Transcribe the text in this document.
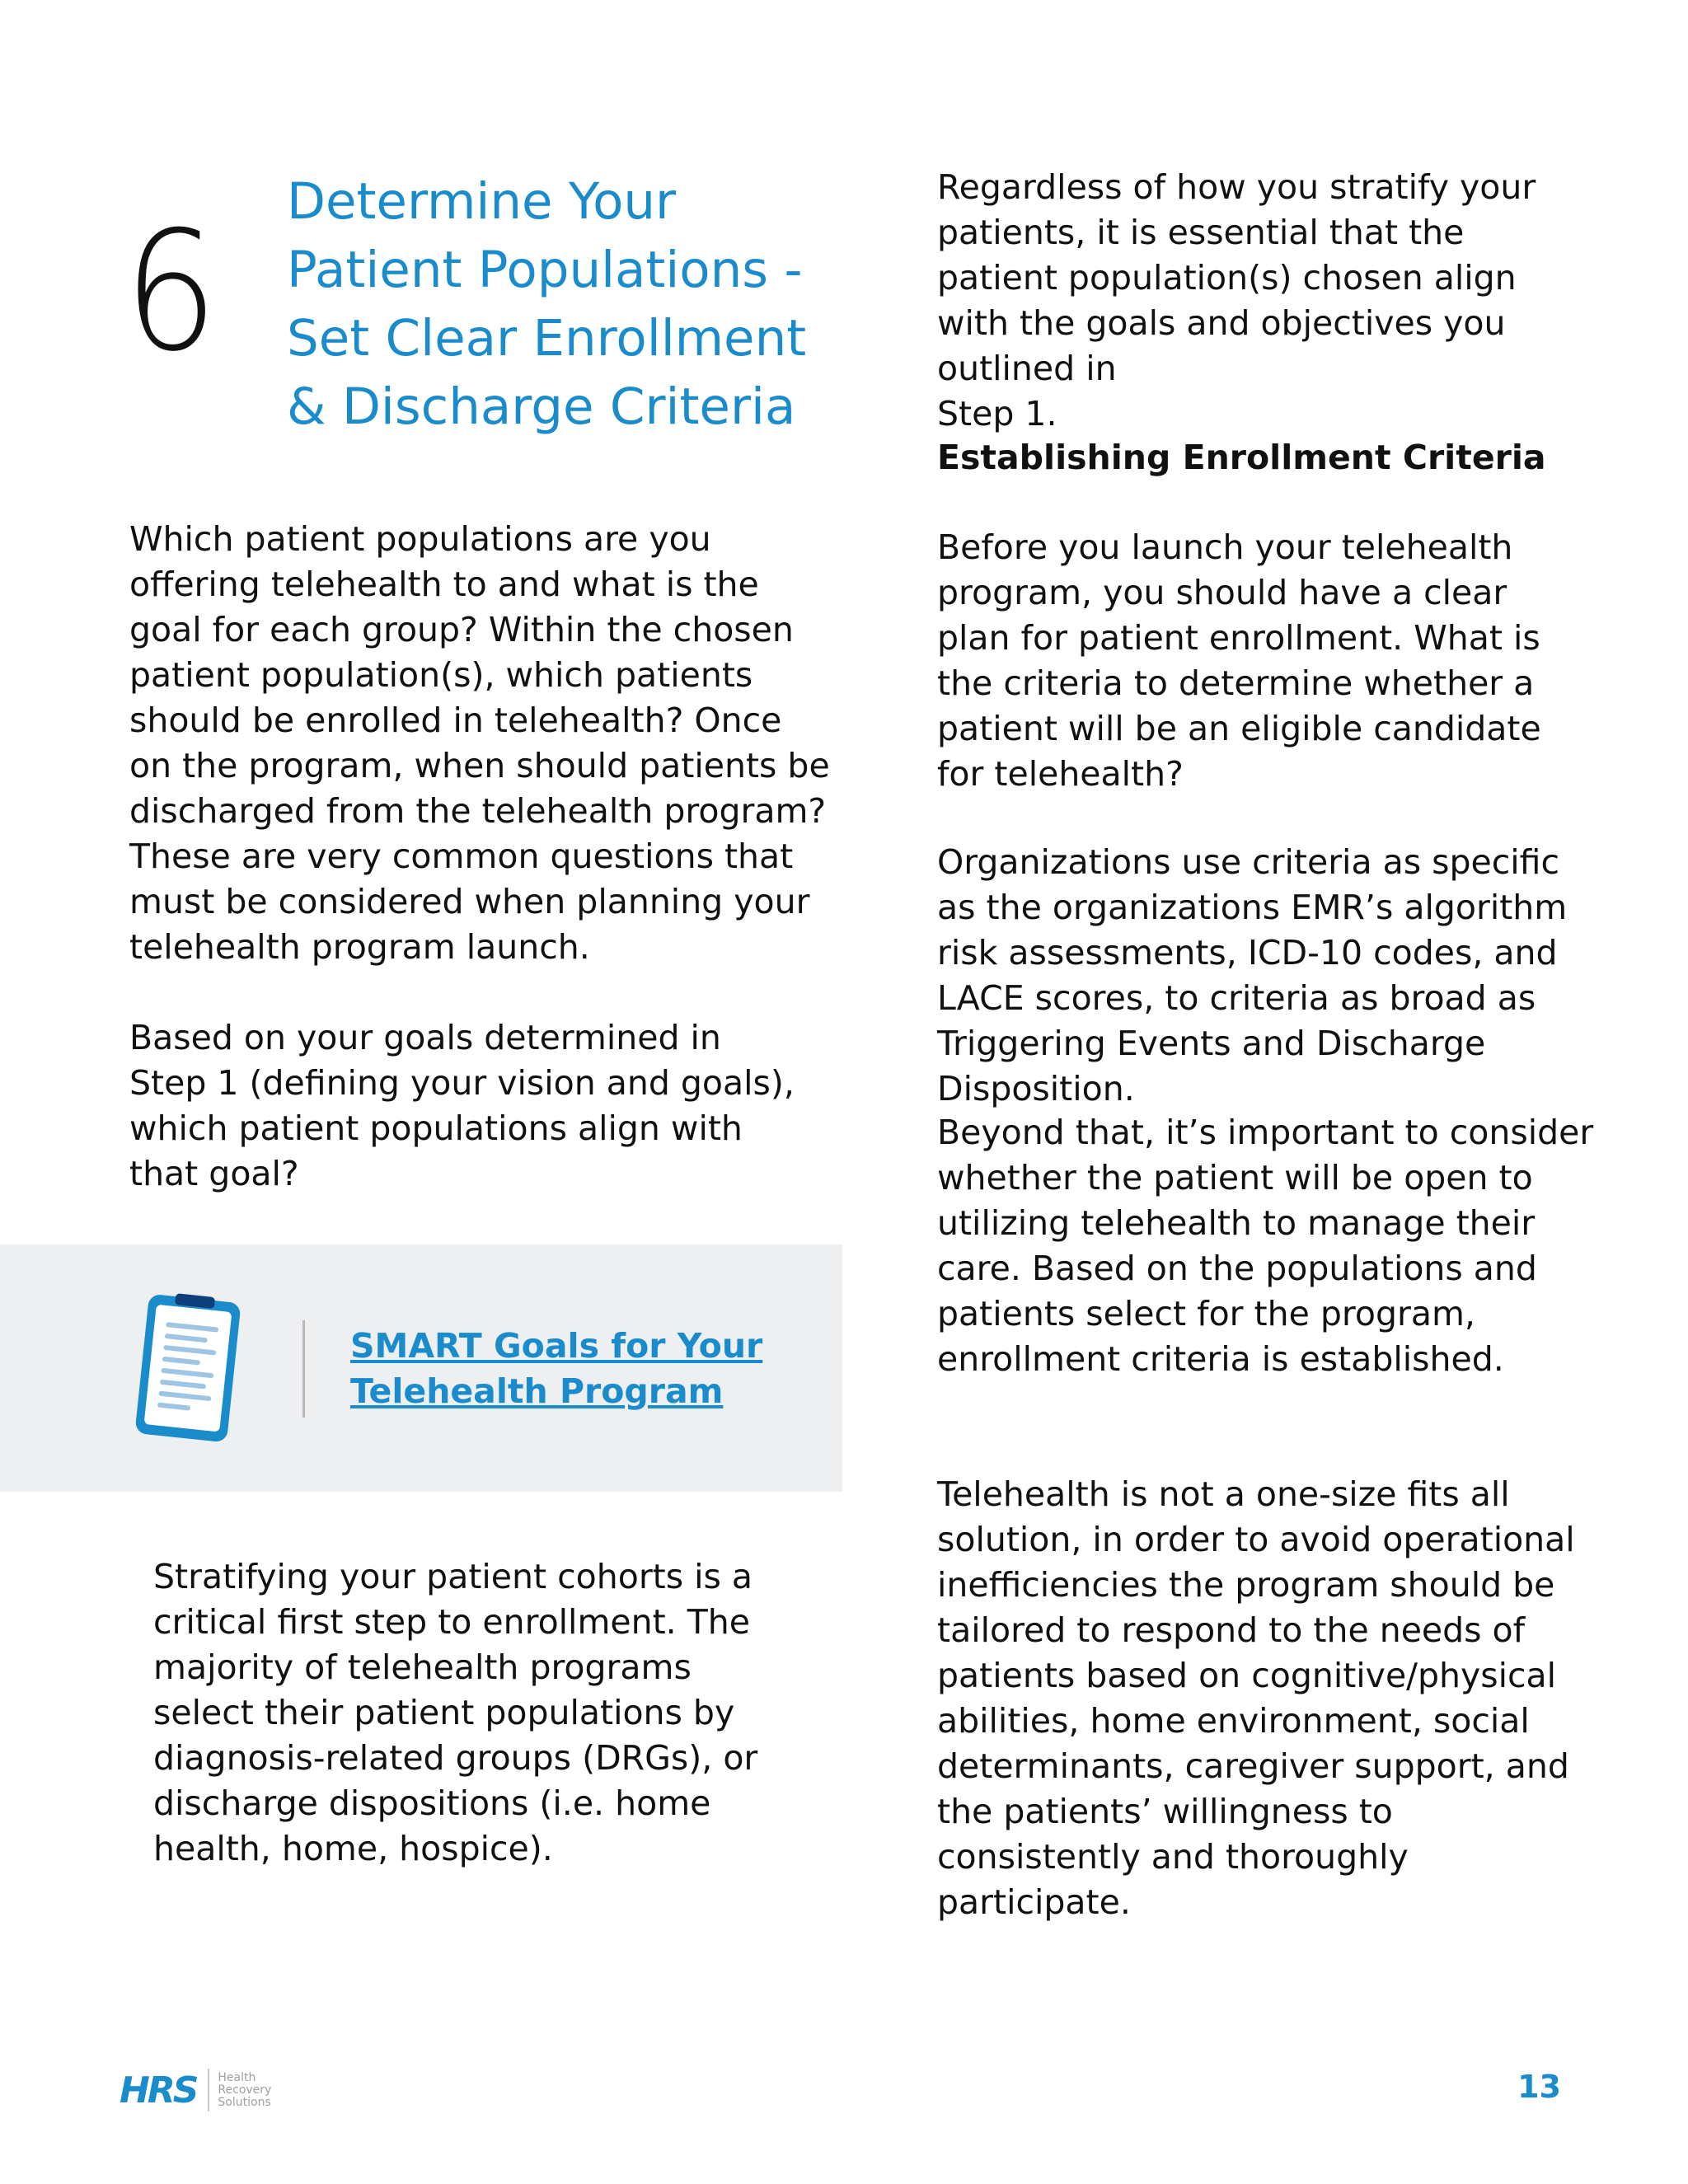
6 Determine Your
Patient Populations -
Set Clear Enrollment
& Discharge Criteria

Which patient populations are you offering telehealth to and what is the goal for each group? Within the chosen patient population(s), which patients should be enrolled in telehealth? Once on the program, when should patients be discharged from the telehealth program? These are very common questions that must be considered when planning your telehealth program launch.

Based on your goals determined in Step 1 (defining your vision and goals), which patient populations align with that goal?

SMART Goals for Your
Telehealth Program

Stratifying your patient cohorts is a critical first step to enrollment. The majority of telehealth programs select their patient populations by diagnosis-related groups (DRGs), or discharge dispositions (i.e. home health, home, hospice).

Regardless of how you stratify your patients, it is essential that the patient population(s) chosen align with the goals and objectives you outlined in
Step 1.

Establishing Enrollment Criteria

Before you launch your telehealth program, you should have a clear plan for patient enrollment. What is the criteria to determine whether a patient will be an eligible candidate for telehealth?

Organizations use criteria as specific as the organizations EMR’s algorithm risk assessments, ICD-10 codes, and LACE scores, to criteria as broad as Triggering Events and Discharge Disposition.

Beyond that, it’s important to consider whether the patient will be open to utilizing telehealth to manage their care. Based on the populations and patients select for the program, enrollment criteria is established.

Telehealth is not a one-size fits all solution, in order to avoid operational inefficiencies the program should be tailored to respond to the needs of patients based on cognitive/physical abilities, home environment, social determinants, caregiver support, and the patients’ willingness to consistently and thoroughly participate.

HRS Health
Recovery
Solutions	13
